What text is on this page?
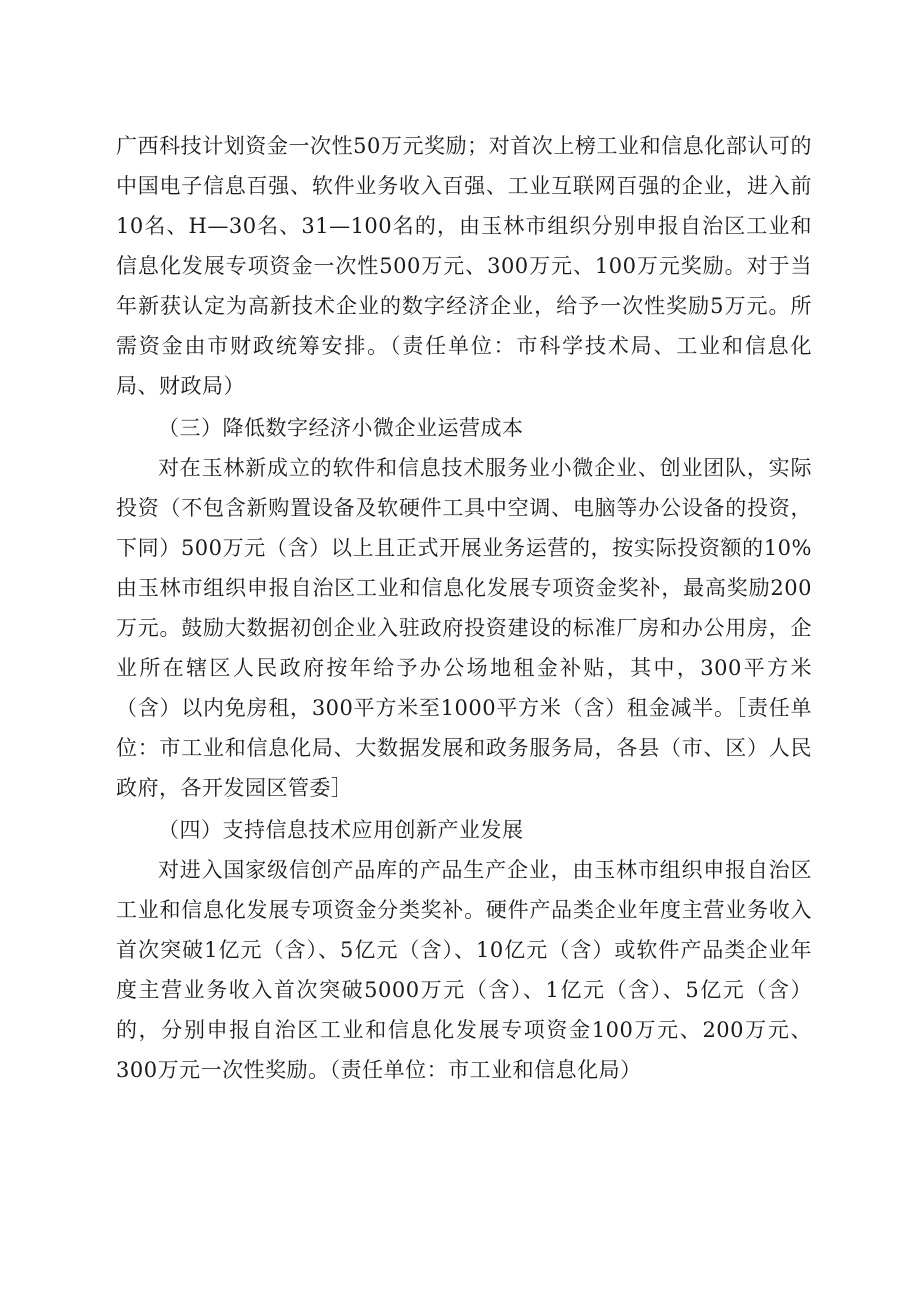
广西科技计划资金一次性50万元奖励；对首次上榜工业和信息化部认可的中国电子信息百强、软件业务收入百强、工业互联网百强的企业，进入前10名、H—30名、31—100名的，由玉林市组织分别申报自治区工业和信息化发展专项资金一次性500万元、300万元、100万元奖励。对于当年新获认定为高新技术企业的数字经济企业，给予一次性奖励5万元。所需资金由市财政统筹安排。（责任单位：市科学技术局、工业和信息化局、财政局）

（三）降低数字经济小微企业运营成本

对在玉林新成立的软件和信息技术服务业小微企业、创业团队，实际投资（不包含新购置设备及软硬件工具中空调、电脑等办公设备的投资，下同）500万元（含）以上且正式开展业务运营的，按实际投资额的10%由玉林市组织申报自治区工业和信息化发展专项资金奖补，最高奖励200万元。鼓励大数据初创企业入驻政府投资建设的标准厂房和办公用房，企业所在辖区人民政府按年给予办公场地租金补贴，其中，300平方米（含）以内免房租，300平方米至1000平方米（含）租金减半。［责任单位：市工业和信息化局、大数据发展和政务服务局，各县（市、区）人民政府，各开发园区管委］

（四）支持信息技术应用创新产业发展

对进入国家级信创产品库的产品生产企业，由玉林市组织申报自治区工业和信息化发展专项资金分类奖补。硬件产品类企业年度主营业务收入首次突破1亿元（含）、5亿元（含）、10亿元（含）或软件产品类企业年度主营业务收入首次突破5000万元（含）、1亿元（含）、5亿元（含）的，分别申报自治区工业和信息化发展专项资金100万元、200万元、300万元一次性奖励。（责任单位：市工业和信息化局）
